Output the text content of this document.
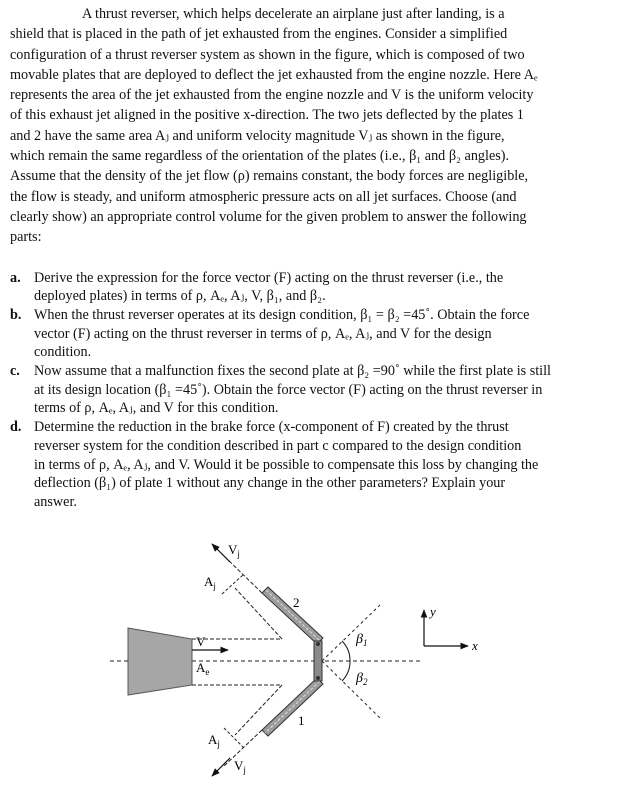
A thrust reverser, which helps decelerate an airplane just after landing, is a
shield that is placed in the path of jet exhausted from the engines. Consider a simplified
configuration of a thrust reverser system as shown in the figure, which is composed of two
movable plates that are deployed to deflect the jet exhausted from the engine nozzle. Here Aₑ
represents the area of the jet exhausted from the engine nozzle and V is the uniform velocity
of this exhaust jet aligned in the positive x-direction. The two jets deflected by the plates 1
and 2 have the same area Aⱼ and uniform velocity magnitude Vⱼ as shown in the figure,
which remain the same regardless of the orientation of the plates (i.e., β₁ and β₂ angles).
Assume that the density of the jet flow (ρ) remains constant, the body forces are negligible,
the flow is steady, and uniform atmospheric pressure acts on all jet surfaces. Choose (and
clearly show) an appropriate control volume for the given problem to answer the following
parts:

a. Derive the expression for the force vector (F) acting on the thrust reverser (i.e., the
deployed plates) in terms of ρ, Aₑ, Aⱼ, V, β₁, and β₂.
b. When the thrust reverser operates at its design condition, β₁ = β₂ =45˚. Obtain the force
vector (F) acting on the thrust reverser in terms of ρ, Aₑ, Aⱼ, and V for the design
condition.
c. Now assume that a malfunction fixes the second plate at β₂ =90˚ while the first plate is still
at its design location (β₁ =45˚). Obtain the force vector (F) acting on the thrust reverser in
terms of ρ, Aₑ, Aⱼ, and V for this condition.
d. Determine the reduction in the brake force (x-component of F) created by the thrust
reverser system for the condition described in part c compared to the design condition
in terms of ρ, Aₑ, Aⱼ, and V. Would it be possible to compensate this loss by changing the
deflection (β₁) of plate 1 without any change in the other parameters? Explain your
answer.
V
$A_e$
2
1
$V_j$
$A_j$
$V_j$
$A_j$
$\beta_1$
$\beta_2$
x
y
